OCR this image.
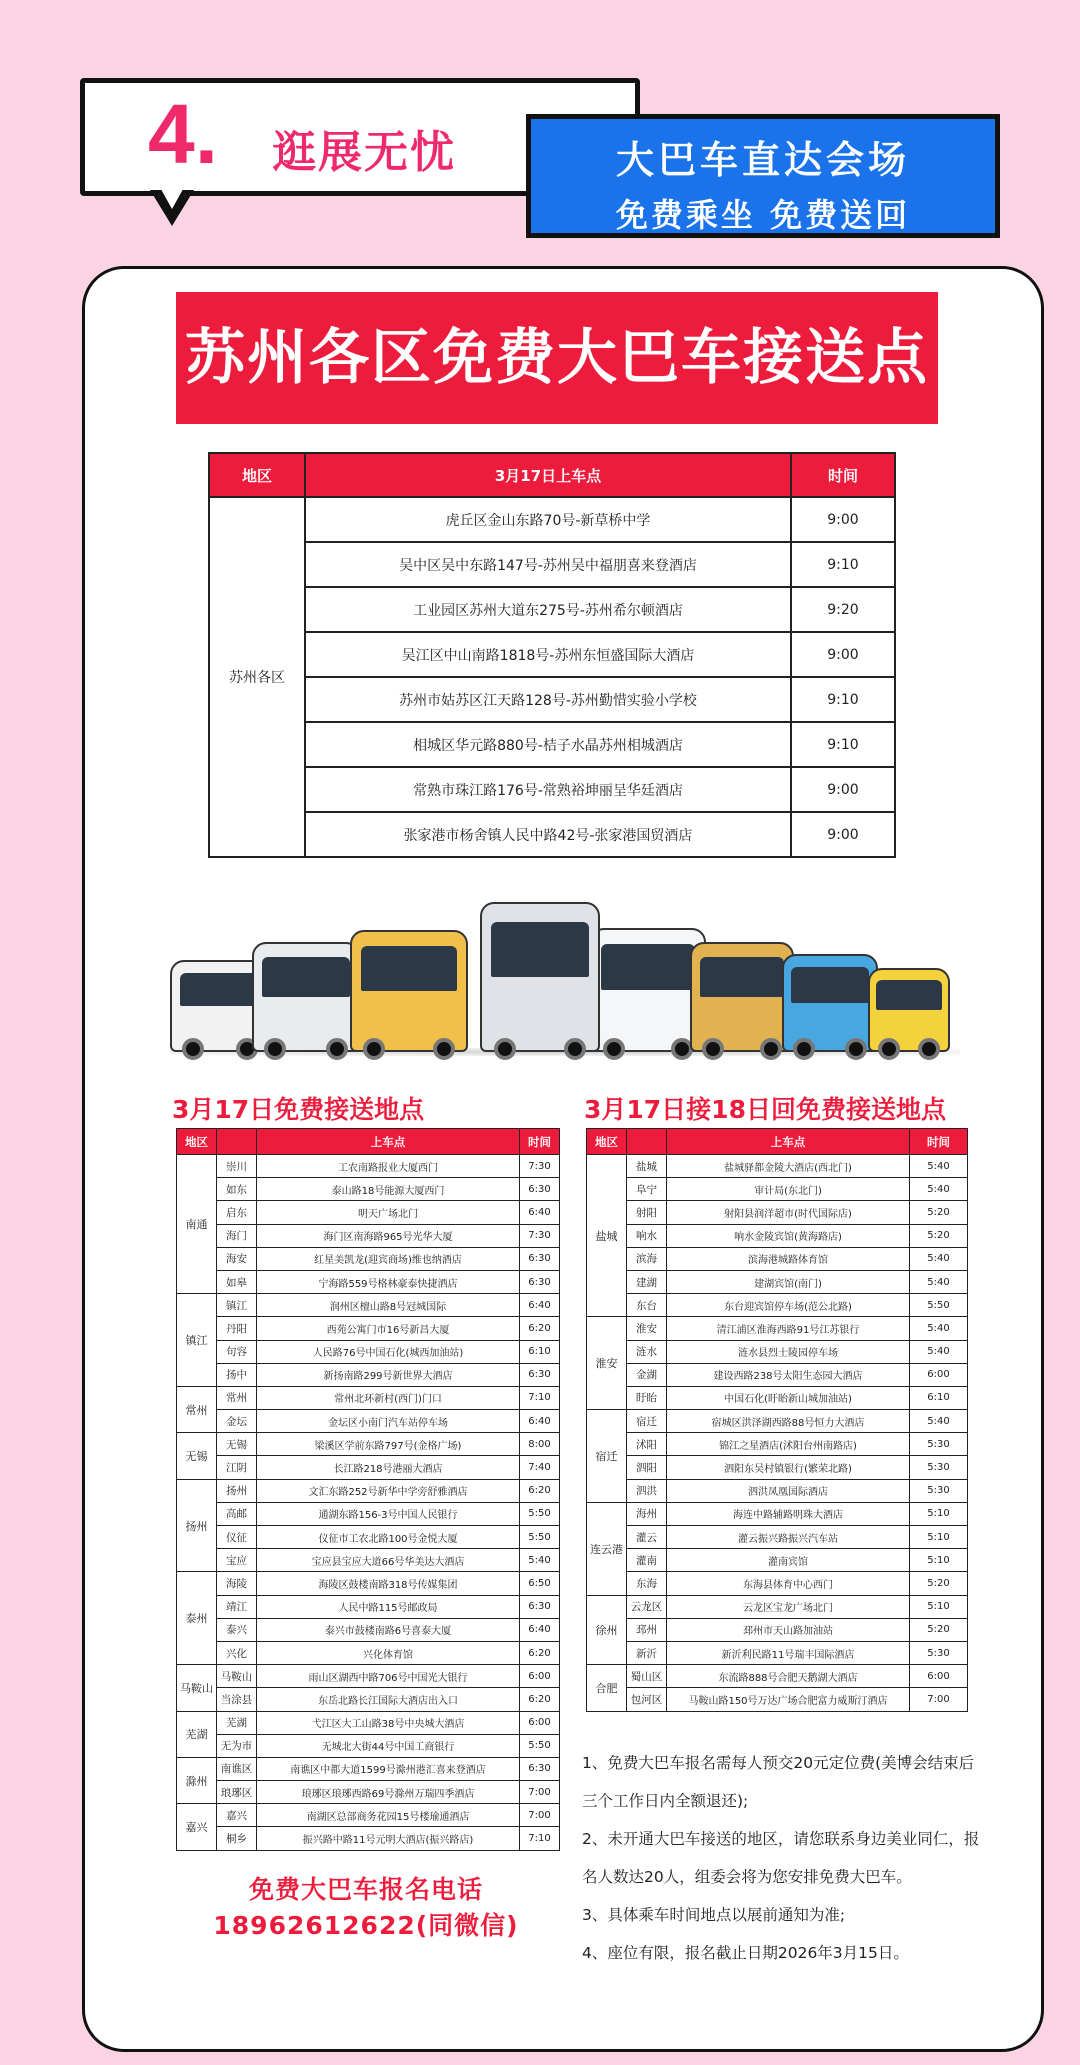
4. 逛展无忧	大巴车直达会场
免费乘坐 免费送回
苏州各区免费大巴车接送点
地区	3月17日上车点	时间
苏州各区	虎丘区金山东路70号-新草桥中学	9:00
	吴中区吴中东路147号-苏州吴中福朋喜来登酒店	9:10
	工业园区苏州大道东275号-苏州希尔顿酒店	9:20
	吴江区中山南路1818号-苏州东恒盛国际大酒店	9:00
	苏州市姑苏区江天路128号-苏州勤惜实验小学校	9:10
	相城区华元路880号-桔子水晶苏州相城酒店	9:10
	常熟市珠江路176号-常熟裕坤丽呈华廷酒店	9:00
	张家港市杨舍镇人民中路42号-张家港国贸酒店	9:00
3月17日免费接送地点
地区		上车点	时间
南通	崇川	工农南路报业大厦西门	7:30
	如东	泰山路18号能源大厦西门	6:30
	启东	明天广场北门	6:40
	海门	海门区南海路965号光华大厦	7:30
	海安	红星美凯龙(迎宾商场)维也纳酒店	6:30
	如皋	宁海路559号格林豪泰快捷酒店	6:30
镇江	镇江	润州区檀山路8号冠城国际	6:40
	丹阳	西苑公寓门市16号新昌大厦	6:20
	句容	人民路76号中国石化(城西加油站)	6:10
	扬中	新扬南路299号新世界大酒店	6:30
常州	常州	常州北环新村(西门)门口	7:10
	金坛	金坛区小南门汽车站停车场	6:40
无锡	无锡	梁溪区学前东路797号(金格广场)	8:00
	江阴	长江路218号港丽大酒店	7:40
扬州	扬州	文汇东路252号新华中学旁舒雅酒店	6:20
	高邮	通湖东路156-3号中国人民银行	5:50
	仪征	仪征市工农北路100号金悦大厦	5:50
	宝应	宝应县宝应大道66号华美达大酒店	5:40
泰州	海陵	海陵区鼓楼南路318号传媒集团	6:50
	靖江	人民中路115号邮政局	6:30
	泰兴	泰兴市鼓楼南路6号喜泰大厦	6:40
	兴化	兴化体育馆	6:20
马鞍山	马鞍山	雨山区湖西中路706号中国光大银行	6:00
	当涂县	东岳北路长江国际大酒店出入口	6:20
芜湖	芜湖	弋江区大工山路38号中央城大酒店	6:00
	无为市	无城北大街44号中国工商银行	5:50
滁州	南谯区	南谯区中都大道1599号滁州港汇喜来登酒店	6:30
	琅琊区	琅琊区琅琊西路69号滁州万瑞四季酒店	7:00
嘉兴	嘉兴	南湖区总部商务花园15号楼瑜通酒店	7:00
	桐乡	振兴路中路11号元明大酒店(振兴路店)	7:10
3月17日接18日回免费接送地点
地区		上车点	时间
盐城	盐城	盐城驿都金陵大酒店(西北门)	5:40
	阜宁	审计局(东北门)	5:40
	射阳	射阳县润洋超市(时代国际店)	5:20
	响水	响水金陵宾馆(黄海路店)	5:20
	滨海	滨海港城路体育馆	5:40
	建湖	建湖宾馆(南门)	5:40
	东台	东台迎宾馆停车场(范公北路)	5:50
淮安	淮安	清江浦区淮海西路91号江苏银行	5:40
	涟水	涟水县烈士陵园停车场	5:40
	金湖	建设西路238号太阳生态园大酒店	6:00
	盱眙	中国石化(盱眙新山城加油站)	6:10
宿迁	宿迁	宿城区洪泽湖西路88号恒力大酒店	5:40
	沭阳	锦江之星酒店(沭阳台州南路店)	5:30
	泗阳	泗阳东吴村镇银行(繁荣北路)	5:30
	泗洪	泗洪凤凰国际酒店	5:30
连云港	海州	海连中路辅路明珠大酒店	5:10
	灌云	灌云振兴路振兴汽车站	5:10
	灌南	灌南宾馆	5:10
	东海	东海县体育中心西门	5:20
徐州	云龙区	云龙区宝龙广场北门	5:10
	邳州	邳州市天山路加油站	5:20
	新沂	新沂利民路11号瑞丰国际酒店	5:30
合肥	蜀山区	东流路888号合肥天鹅湖大酒店	6:00
	包河区	马鞍山路150号万达广场合肥富力威斯汀酒店	7:00

1、免费大巴车报名需每人预交20元定位费(美博会结束后三个工作日内全额退还);

2、未开通大巴车接送的地区，请您联系身边美业同仁，报名人数达20人，组委会将为您安排免费大巴车。

3、具体乘车时间地点以展前通知为准;

4、座位有限，报名截止日期2026年3月15日。

免费大巴车报名电话
18962612622(同微信)
